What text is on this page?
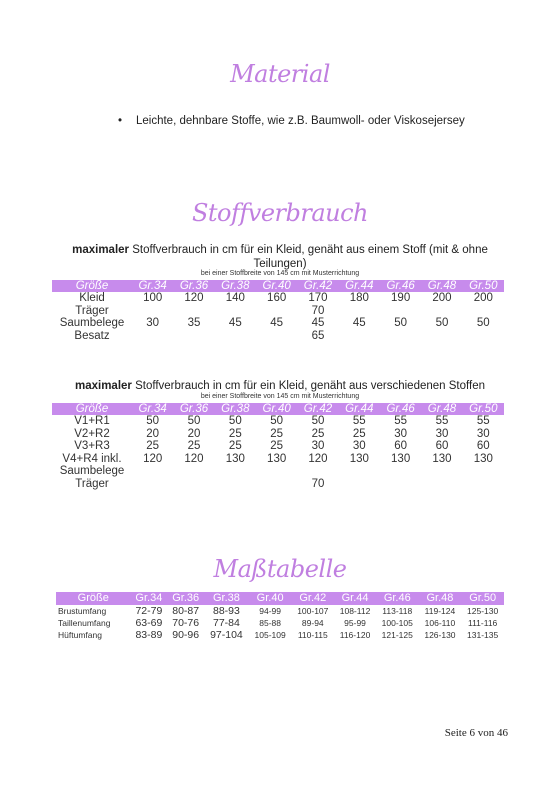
Material
• Leichte, dehnbare Stoffe, wie z.B. Baumwoll- oder Viskosejersey
Stoffverbrauch
maximaler Stoffverbrauch in cm für ein Kleid, genäht aus einem Stoff (mit & ohne Teilungen)
bei einer Stoffbreite von 145 cm mit Musterrichtung
Größe	Gr.34	Gr.36	Gr.38	Gr.40	Gr.42	Gr.44	Gr.46	Gr.48	Gr.50
Kleid	100	120	140	160	170	180	190	200	200
Träger					70				
Saumbelege	30	35	45	45	45	45	50	50	50
Besatz					65				
maximaler Stoffverbrauch in cm für ein Kleid, genäht aus verschiedenen Stoffen
bei einer Stoffbreite von 145 cm mit Musterrichtung
Größe	Gr.34	Gr.36	Gr.38	Gr.40	Gr.42	Gr.44	Gr.46	Gr.48	Gr.50
V1+R1	50	50	50	50	50	55	55	55	55
V2+R2	20	20	25	25	25	25	30	30	30
V3+R3	25	25	25	25	30	30	60	60	60
V4+R4 inkl.	120	120	130	130	120	130	130	130	130
Saumbelege									
Träger					70				
Maßtabelle
Größe	Gr.34	Gr.36	Gr.38	Gr.40	Gr.42	Gr.44	Gr.46	Gr.48	Gr.50
Brustumfang	72-79	80-87	88-93	94-99	100-107	108-112	113-118	119-124	125-130
Taillenumfang	63-69	70-76	77-84	85-88	89-94	95-99	100-105	106-110	111-116
Hüftumfang	83-89	90-96	97-104	105-109	110-115	116-120	121-125	126-130	131-135
Seite 6 von 46
